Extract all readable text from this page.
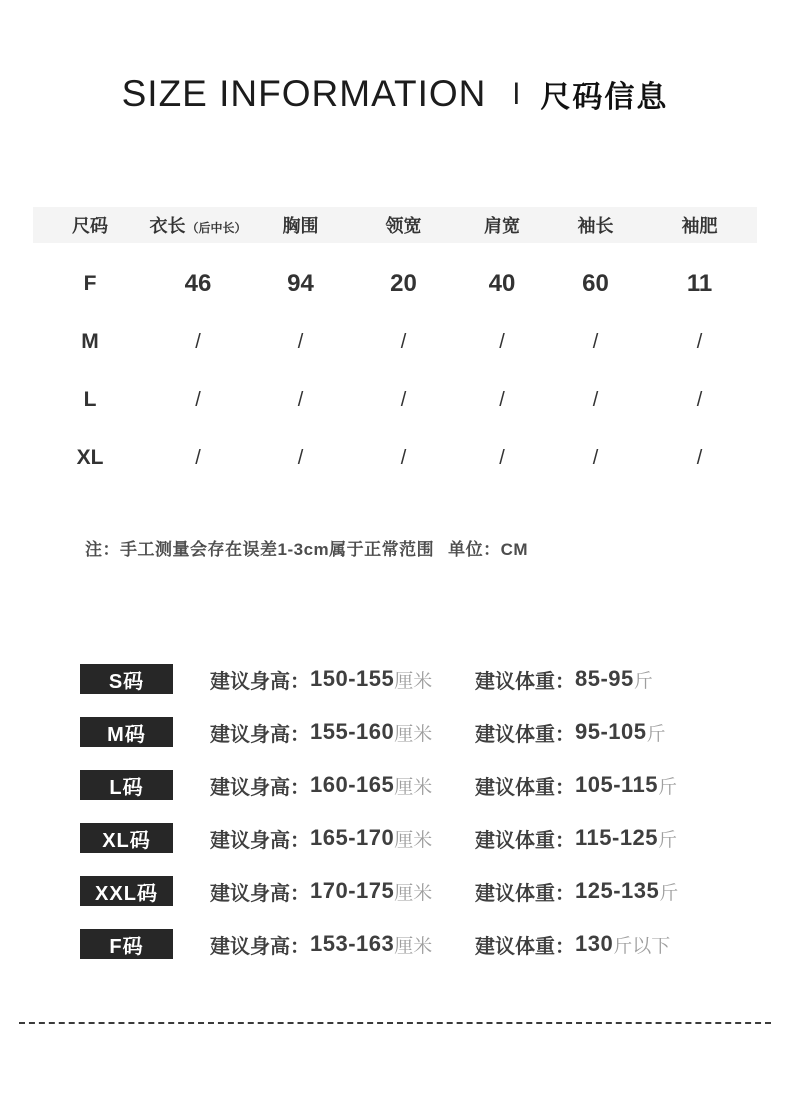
SIZE INFORMATION Ⅰ 尺码信息
尺码	衣长（后中长）	胸围	领宽	肩宽	袖长	袖肥
F	46	94	20	40	60	11
M	/	/	/	/	/	/
L	/	/	/	/	/	/
XL	/	/	/	/	/	/
注：手工测量会存在误差1-3cm属于正常范围 单位：CM
S码	建议身高： 150-155 厘米 建议体重： 85-95 斤
M码	建议身高： 155-160 厘米 建议体重： 95-105 斤
L码	建议身高： 160-165 厘米 建议体重： 105-115 斤
XL码	建议身高： 165-170 厘米 建议体重： 115-125 斤
XXL码	建议身高： 170-175 厘米 建议体重： 125-135 斤
F码	建议身高： 153-163 厘米 建议体重： 130 斤以下
